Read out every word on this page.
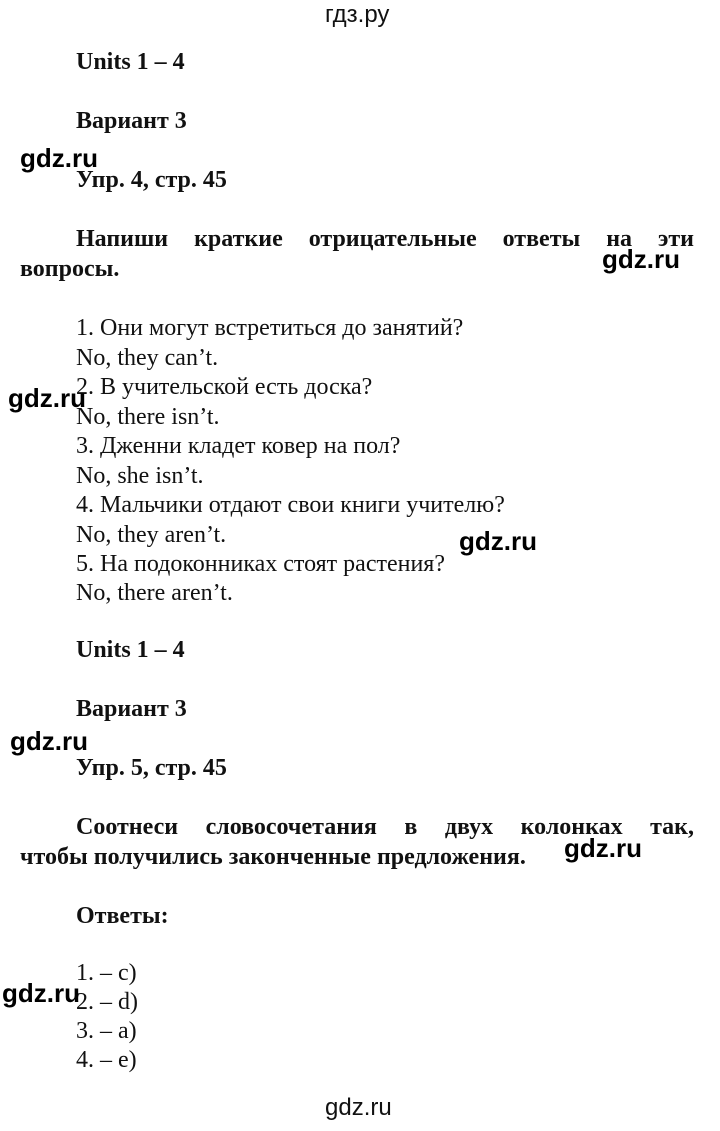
гдз.ру
Units 1 – 4
Вариант 3
Упр. 4, стр. 45
Напиши краткие отрицательные ответы на эти
вопросы.
1. Они могут встретиться до занятий?
No, they can’t.
2. В учительской есть доска?
No, there isn’t.
3. Дженни кладет ковер на пол?
No, she isn’t.
4. Мальчики отдают свои книги учителю?
No, they aren’t.
5. На подоконниках стоят растения?
No, there aren’t.
Units 1 – 4
Вариант 3
Упр. 5, стр. 45
Соотнеси словосочетания в двух колонках так,
чтобы получились законченные предложения.
Ответы:
1. – c)
2. – d)
3. – a)
4. – e)
gdz.ru
gdz.ru
gdz.ru
gdz.ru
gdz.ru
gdz.ru
gdz.ru
gdz.ru
